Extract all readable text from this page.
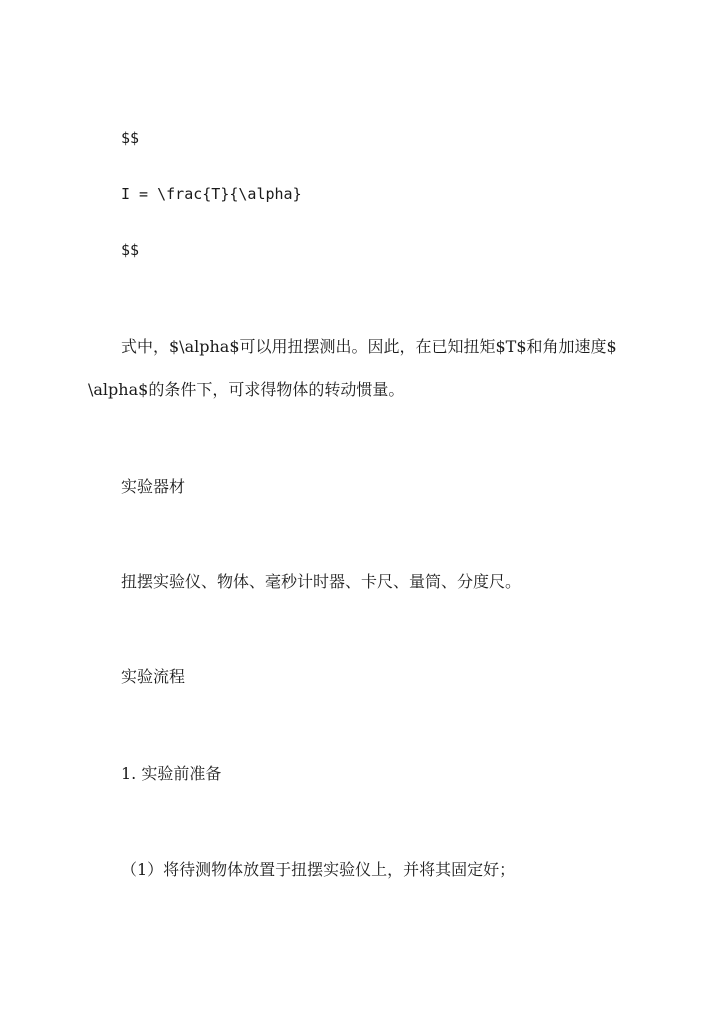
$$
I = \frac{T}{\alpha}
$$
式中，$\alpha$可以用扭摆测出。因此，在已知扭矩$T$和角加速度$
\alpha$的条件下，可求得物体的转动惯量。
实验器材
扭摆实验仪、物体、毫秒计时器、卡尺、量筒、分度尺。
实验流程
1. 实验前准备
（1）将待测物体放置于扭摆实验仪上，并将其固定好；
